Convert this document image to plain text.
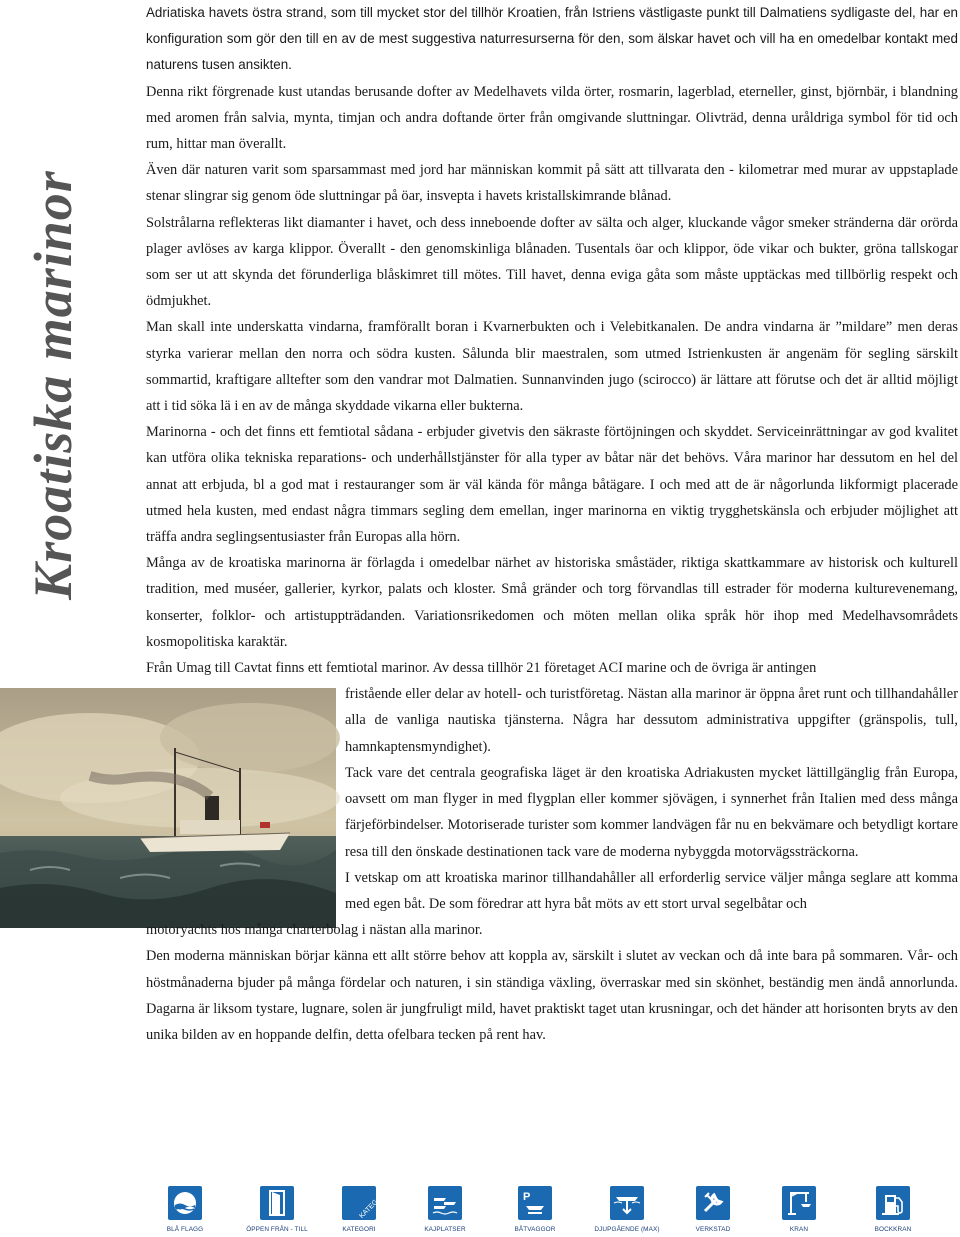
Kroatiska marinor

Adriatiska havets östra strand, som till mycket stor del tillhör Kroatien, från Istriens västligaste punkt till Dalmatiens sydligaste del, har en konfiguration som gör den till en av de mest suggestiva naturresurserna för den, som älskar havet och vill ha en omedelbar kontakt med naturens tusen ansikten.

Denna rikt förgrenade kust utandas berusande dofter av Medelhavets vilda örter, rosmarin, lagerblad, eterneller, ginst, björnbär, i blandning med aromen från salvia, mynta, timjan och andra doftande örter från omgivande sluttningar. Olivträd, denna uråldriga symbol för tid och rum, hittar man överallt.

Även där naturen varit som sparsammast med jord har människan kommit på sätt att tillvarata den - kilometrar med murar av uppstaplade stenar slingrar sig genom öde sluttningar på öar, insvepta i havets kristallskimrande blånad.

Solstrålarna reflekteras likt diamanter i havet, och dess inneboende dofter av sälta och alger, kluckande vågor smeker stränderna där orörda plager avlöses av karga klippor. Överallt - den genomskinliga blånaden. Tusentals öar och klippor, öde vikar och bukter, gröna tallskogar som ser ut att skynda det förunderliga blåskimret till mötes. Till havet, denna eviga gåta som måste upptäckas med tillbörlig respekt och ödmjukhet.

Man skall inte underskatta vindarna, framförallt boran i Kvarnerbukten och i Velebitkanalen. De andra vindarna är ”mildare” men deras styrka varierar mellan den norra och södra kusten. Sålunda blir maestralen, som utmed Istrienkusten är angenäm för segling särskilt sommartid, kraftigare alltefter som den vandrar mot Dalmatien. Sunnanvinden jugo (scirocco) är lättare att förutse och det är alltid möjligt att i tid söka lä i en av de många skyddade vikarna eller bukterna.

Marinorna - och det finns ett femtiotal sådana - erbjuder givetvis den säkraste förtöjningen och skyddet. Serviceinrättningar av god kvalitet kan utföra olika tekniska reparations- och underhållstjänster för alla typer av båtar när det behövs. Våra marinor har dessutom en hel del annat att erbjuda, bl a god mat i restauranger som är väl kända för många båtägare. I och med att de är någorlunda likformigt placerade utmed hela kusten, med endast några timmars segling dem emellan, inger marinorna en viktig trygghetskänsla och erbjuder möjlighet att träffa andra seglingsentusiaster från Europas alla hörn.

Många av de kroatiska marinorna är förlagda i omedelbar närhet av historiska småstäder, riktiga skattkammare av historisk och kulturell tradition, med muséer, gallerier, kyrkor, palats och kloster. Små gränder och torg förvandlas till estrader för moderna kulturevenemang, konserter, folklor- och artistuppträdanden. Variationsrikedomen och möten mellan olika språk hör ihop med Medelhavsområdets kosmopolitiska karaktär.

Från Umag till Cavtat finns ett femtiotal marinor. Av dessa tillhör 21 företaget ACI marine och de övriga är antingen

fristående eller delar av hotell- och turistföretag. Nästan alla marinor är öppna året runt och tillhandahåller alla de vanliga nautiska tjänsterna. Några har dessutom administrativa uppgifter (gränspolis, tull, hamnkaptensmyndighet).

Tack vare det centrala geografiska läget är den kroatiska Adriakusten mycket lättillgänglig från Europa, oavsett om man flyger in med flygplan eller kommer sjövägen, i synnerhet från Italien med dess många färjeförbindelser. Motoriserade turister som kommer landvägen får nu en bekvämare och betydligt kortare resa till den önskade destinationen tack vare de moderna nybyggda motorvägssträckorna.

I vetskap om att kroatiska marinor tillhandahåller all erforderlig service väljer många seglare att komma med egen båt. De som föredrar att hyra båt möts av ett stort urval segelbåtar och

motoryachts hos många charterbolag i nästan alla marinor.

Den moderna människan börjar känna ett allt större behov att koppla av, särskilt i slutet av veckan och då inte bara på sommaren. Vår- och höstmånaderna bjuder på många fördelar och naturen, i sin ständiga växling, överraskar med sin skönhet, beständig men ändå annorlunda. Dagarna är liksom tystare, lugnare, solen är jungfruligt mild, havet praktiskt taget utan krusningar, och det händer att horisonten bryts av den unika bilden av en hoppande delfin, detta ofelbara tecken på rent hav.

BLÅ FLAGG	ÖPPEN FRÅN - TILL
KATEGORI
KATEGORI	KAJPLATSER
P
BÅTVAGGOR	DJUPGÅENDE (MAX)	VERKSTAD	KRAN	BOCKKRAN
